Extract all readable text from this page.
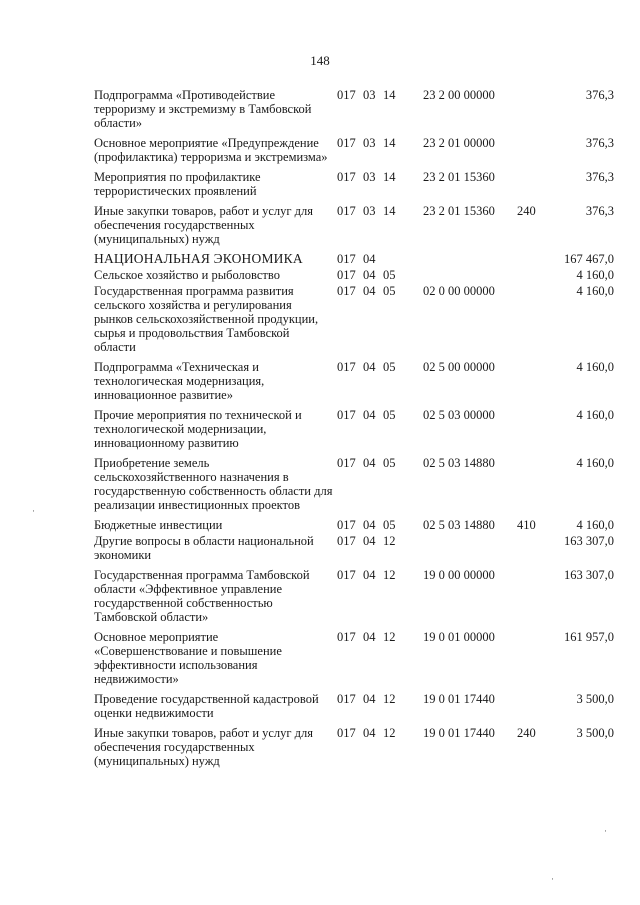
148
Подпрограмма «Противодействие терроризму и экстремизму в Тамбовской области»	017	03	14	23 2 00 00000		376,3
Основное мероприятие «Предупреждение (профилактика) терроризма и экстремизма»	017	03	14	23 2 01 00000		376,3
Мероприятия по профилактике террористических проявлений	017	03	14	23 2 01 15360		376,3
Иные закупки товаров, работ и услуг для обеспечения государственных (муниципальных) нужд	017	03	14	23 2 01 15360	240	376,3
НАЦИОНАЛЬНАЯ ЭКОНОМИКА	017	04				167 467,0
Сельское хозяйство и рыболовство	017	04	05			4 160,0
Государственная программа развития сельского хозяйства и регулирования рынков сельскохозяйственной продукции, сырья и продовольствия Тамбовской области	017	04	05	02 0 00 00000		4 160,0
Подпрограмма «Техническая и технологическая модернизация, инновационное развитие»	017	04	05	02 5 00 00000		4 160,0
Прочие мероприятия по технической и технологической модернизации, инновационному развитию	017	04	05	02 5 03 00000		4 160,0
Приобретение земель сельскохозяйственного назначения в государственную собственность области для реализации инвестиционных проектов	017	04	05	02 5 03 14880		4 160,0
Бюджетные инвестиции	017	04	05	02 5 03 14880	410	4 160,0
Другие вопросы в области национальной экономики	017	04	12			163 307,0
Государственная программа Тамбовской области «Эффективное управление государственной собственностью Тамбовской области»	017	04	12	19 0 00 00000		163 307,0
Основное мероприятие «Совершенствование и повышение эффективности использования недвижимости»	017	04	12	19 0 01 00000		161 957,0
Проведение государственной кадастровой оценки недвижимости	017	04	12	19 0 01 17440		3 500,0
Иные закупки товаров, работ и услуг для обеспечения государственных (муниципальных) нужд	017	04	12	19 0 01 17440	240	3 500,0
·
·
·
